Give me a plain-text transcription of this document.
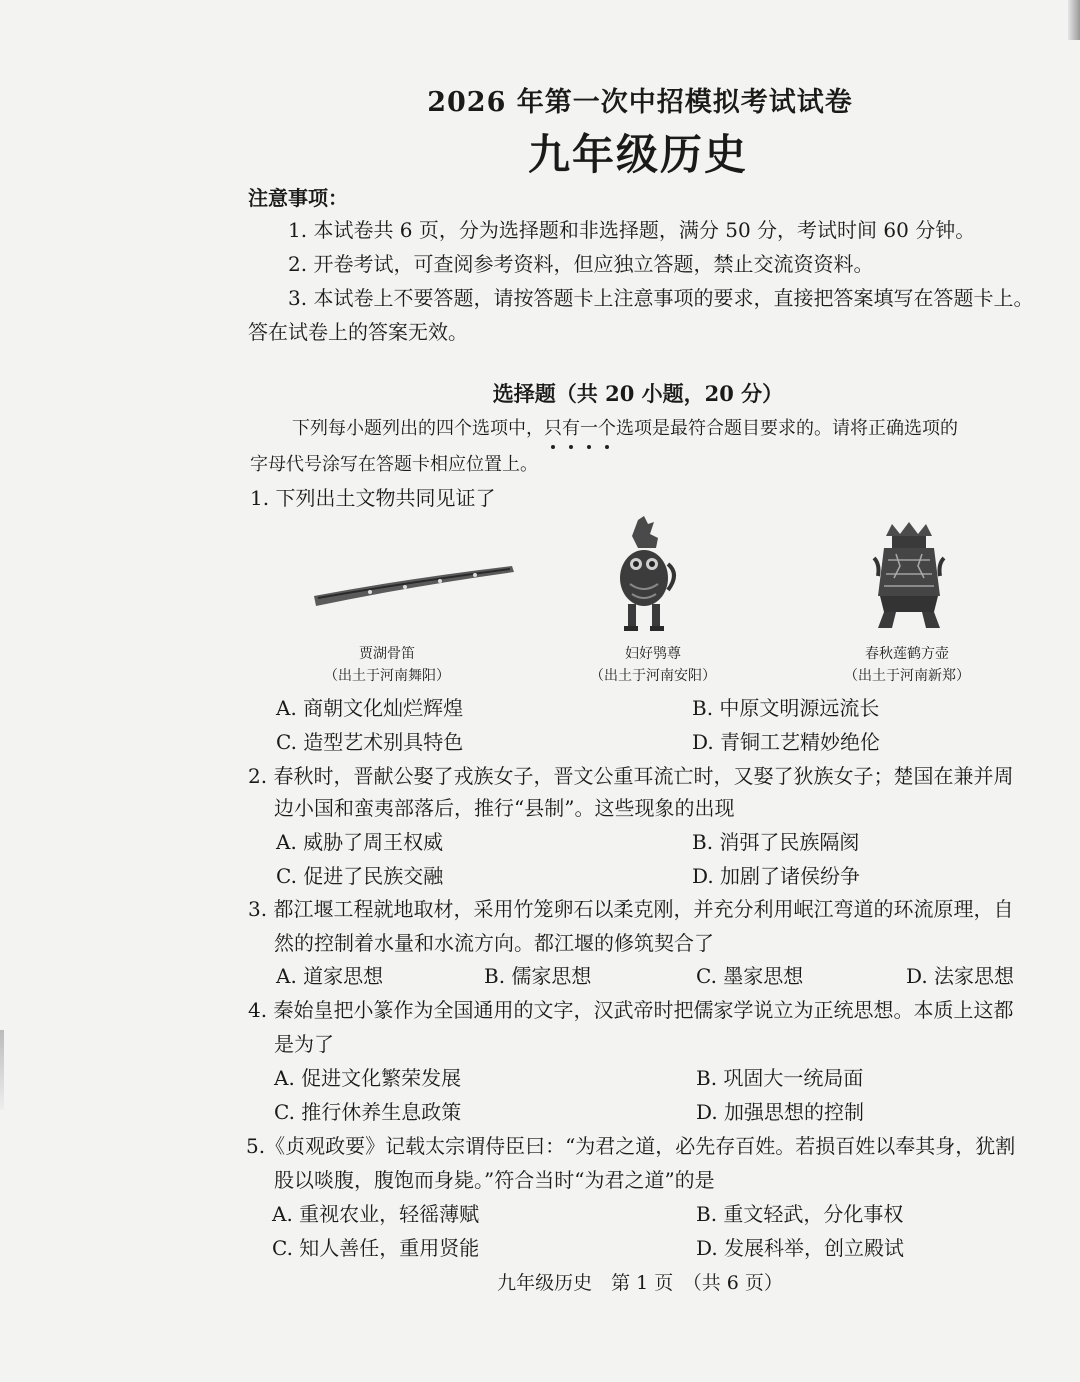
2026 年第一次中招模拟考试试卷
九年级历史
注意事项：
1. 本试卷共 6 页，分为选择题和非选择题，满分 50 分，考试时间 60 分钟。
2. 开卷考试，可查阅参考资料，但应独立答题，禁止交流资资料。
3. 本试卷上不要答题，请按答题卡上注意事项的要求，直接把答案填写在答题卡上。
答在试卷上的答案无效。
选择题（共 20 小题，20 分）
下列每小题列出的四个选项中，只有一个
选项是最符合题目要求的。请将正确选项的
字母代号涂写在答题卡相应位置上。
1. 下列出土文物共同见证了
贾湖骨笛
（出土于河南舞阳）
妇好鸮尊
（出土于河南安阳）
春秋莲鹤方壶
（出土于河南新郑）
A. 商朝文化灿烂辉煌	B. 中原文明源远流长
C. 造型艺术别具特色	D. 青铜工艺精妙绝伦
2. 春秋时，晋献公娶了戎族女子，晋文公重耳流亡时，又娶了狄族女子；楚国在兼并周
边小国和蛮夷部落后，推行“县制”。这些现象的出现
A. 威胁了周王权威	B. 消弭了民族隔阂
C. 促进了民族交融	D. 加剧了诸侯纷争
3. 都江堰工程就地取材，采用竹笼卵石以柔克刚，并充分利用岷江弯道的环流原理，自
然的控制着水量和水流方向。都江堰的修筑契合了
A. 道家思想	B. 儒家思想	C. 墨家思想	D. 法家思想
4. 秦始皇把小篆作为全国通用的文字，汉武帝时把儒家学说立为正统思想。本质上这都
是为了
A. 促进文化繁荣发展	B. 巩固大一统局面
C. 推行休养生息政策	D. 加强思想的控制
5.《贞观政要》记载太宗谓侍臣曰：“为君之道，必先存百姓。若损百姓以奉其身，犹割
股以啖腹，腹饱而身毙。”符合当时“为君之道”的是
A. 重视农业，轻徭薄赋	B. 重文轻武，分化事权
C. 知人善任，重用贤能	D. 发展科举，创立殿试
九年级历史　第 1 页　（共 6 页）
